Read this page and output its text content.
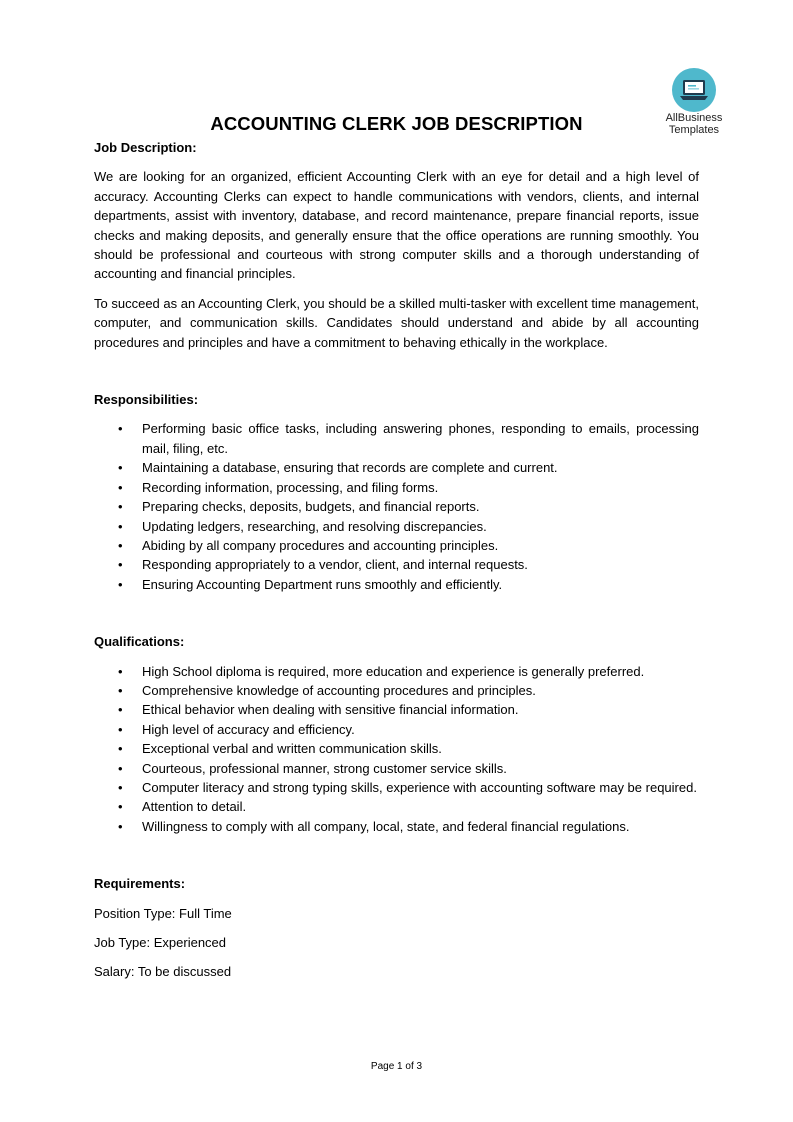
AllBusiness
Templates
ACCOUNTING CLERK JOB DESCRIPTION

Job Description:

We are looking for an organized, efficient Accounting Clerk with an eye for detail and a high level of accuracy. Accounting Clerks can expect to handle communications with vendors, clients, and internal departments, assist with inventory, database, and record maintenance, prepare financial reports, issue checks and making deposits, and generally ensure that the office operations are running smoothly. You should be professional and courteous with strong computer skills and a thorough understanding of accounting and financial principles.

To succeed as an Accounting Clerk, you should be a skilled multi-tasker with excellent time management, computer, and communication skills. Candidates should understand and abide by all accounting procedures and principles and have a commitment to behaving ethically in the workplace.

Responsibilities:

• Performing basic office tasks, including answering phones, responding to emails, processing mail, filing, etc.
• Maintaining a database, ensuring that records are complete and current.
• Recording information, processing, and filing forms.
• Preparing checks, deposits, budgets, and financial reports.
• Updating ledgers, researching, and resolving discrepancies.
• Abiding by all company procedures and accounting principles.
• Responding appropriately to a vendor, client, and internal requests.
• Ensuring Accounting Department runs smoothly and efficiently.

Qualifications:

• High School diploma is required, more education and experience is generally preferred.
• Comprehensive knowledge of accounting procedures and principles.
• Ethical behavior when dealing with sensitive financial information.
• High level of accuracy and efficiency.
• Exceptional verbal and written communication skills.
• Courteous, professional manner, strong customer service skills.
• Computer literacy and strong typing skills, experience with accounting software may be required.
• Attention to detail.
• Willingness to comply with all company, local, state, and federal financial regulations.

Requirements:

Position Type: Full Time

Job Type: Experienced

Salary: To be discussed

Page 1 of 3
